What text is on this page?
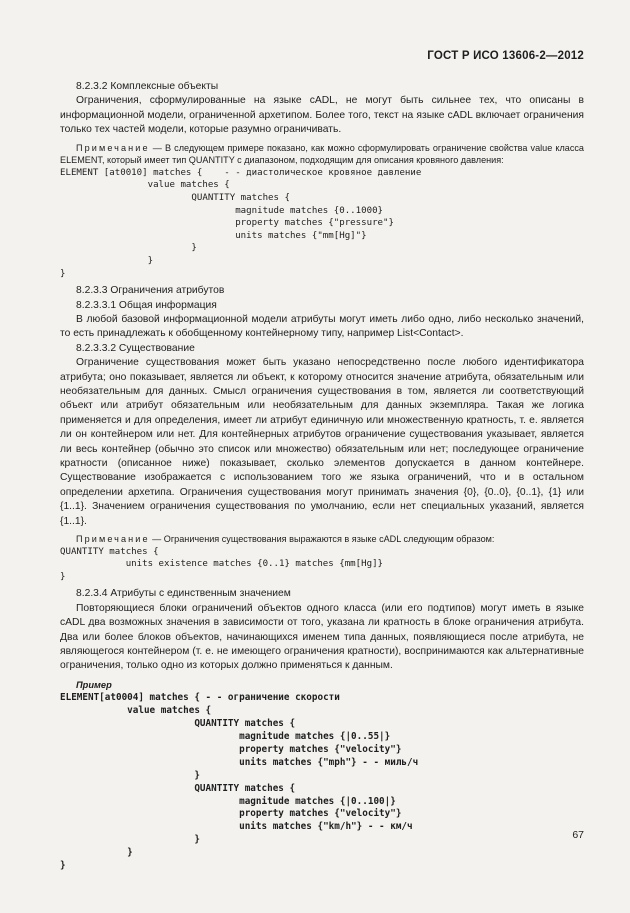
ГОСТ Р ИСО 13606-2—2012

8.2.3.2 Комплексные объекты

Ограничения, сформулированные на языке cADL, не могут быть сильнее тех, что описаны в информационной модели, ограниченной архетипом. Более того, текст на языке cADL включает ограничения только тех частей модели, которые разумно ограничивать.

Примечание — В следующем примере показано, как можно сформулировать ограничение свойства value класса ELEMENT, который имеет тип QUANTITY с диапазоном, подходящим для описания кровяного давления:

ELEMENT [at0010] matches {    - - диастолическое кровяное давление
value matches {
QUANTITY matches {
magnitude matches {0..1000}
property matches {"pressure"}
units matches {"mm[Hg]"}
}
}
}

8.2.3.3 Ограничения атрибутов

8.2.3.3.1 Общая информация

В любой базовой информационной модели атрибуты могут иметь либо одно, либо несколько значений, то есть принадлежать к обобщенному контейнерному типу, например List<Contact>.

8.2.3.3.2 Существование

Ограничение существования может быть указано непосредственно после любого идентификатора атрибута; оно показывает, является ли объект, к которому относится значение атрибута, обязательным или необязательным для данных. Смысл ограничения существования в том, является ли соответствующий объект или атрибут обязательным или необязательным для данных экземпляра. Такая же логика применяется и для определения, имеет ли атрибут единичную или множественную кратность, т. е. является ли он контейнером или нет. Для контейнерных атрибутов ограничение существования указывает, является ли весь контейнер (обычно это список или множество) обязательным или нет; последующее ограничение кратности (описанное ниже) показывает, сколько элементов допускается в данном контейнере. Существование изображается с использованием того же языка ограничений, что и в остальном определении архетипа. Ограничения существования могут принимать значения {0}, {0..0}, {0..1}, {1} или {1..1}. Значением ограничения существования по умолчанию, если нет специальных указаний, является {1..1}.

Примечание — Ограничения существования выражаются в языке cADL следующим образом:

QUANTITY matches {
units existence matches {0..1} matches {mm[Hg]}
}

8.2.3.4 Атрибуты с единственным значением

Повторяющиеся блоки ограничений объектов одного класса (или его подтипов) могут иметь в языке cADL два возможных значения в зависимости от того, указана ли кратность в блоке ограничения атрибута. Два или более блоков объектов, начинающихся именем типа данных, появляющиеся после атрибута, не являющегося контейнером (т. е. не имеющего ограничения кратности), воспринимаются как альтернативные ограничения, только одно из которых должно применяться к данным.

Пример

ELEMENT[at0004] matches { - - ограничение скорости
value matches {
QUANTITY matches {
magnitude matches {|0..55|}
property matches {"velocity"}
units matches {"mph"} - - миль/ч
}
QUANTITY matches {
magnitude matches {|0..100|}
property matches {"velocity"}
units matches {"km/h"} - - км/ч
}
}
}
67
